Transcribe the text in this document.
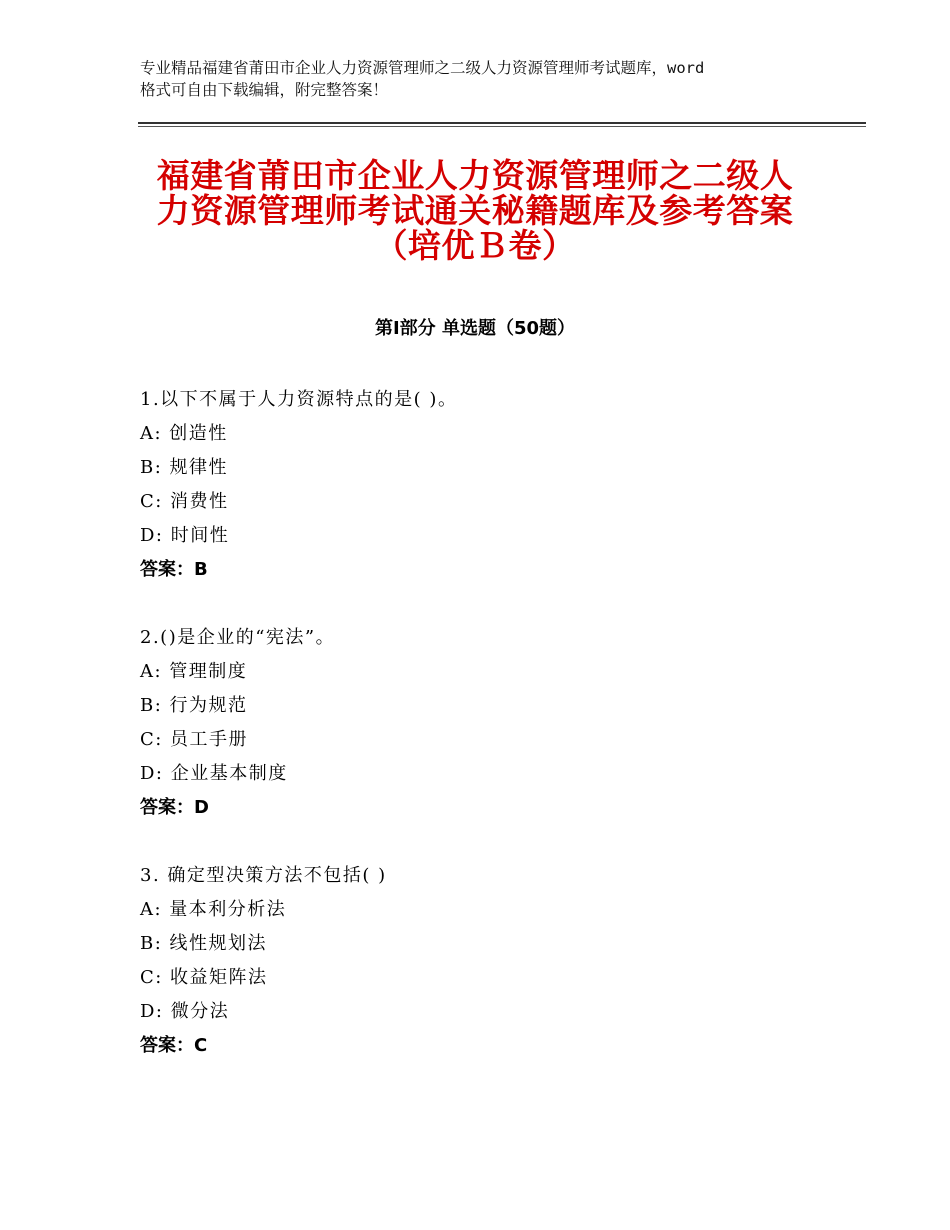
专业精品福建省莆田市企业人力资源管理师之二级人力资源管理师考试题库，word
格式可自由下载编辑，附完整答案！
福建省莆田市企业人力资源管理师之二级人
力资源管理师考试通关秘籍题库及参考答案
（培优Ｂ卷）
第Ⅰ部分 单选题（50题）
1.以下不属于人力资源特点的是( )。
A: 创造性
B: 规律性
C: 消费性
D: 时间性
答案：B
2.()是企业的“宪法”。
A: 管理制度
B: 行为规范
C: 员工手册
D: 企业基本制度
答案：D
3. 确定型决策方法不包括( )
A: 量本利分析法
B: 线性规划法
C: 收益矩阵法
D: 微分法
答案：C
